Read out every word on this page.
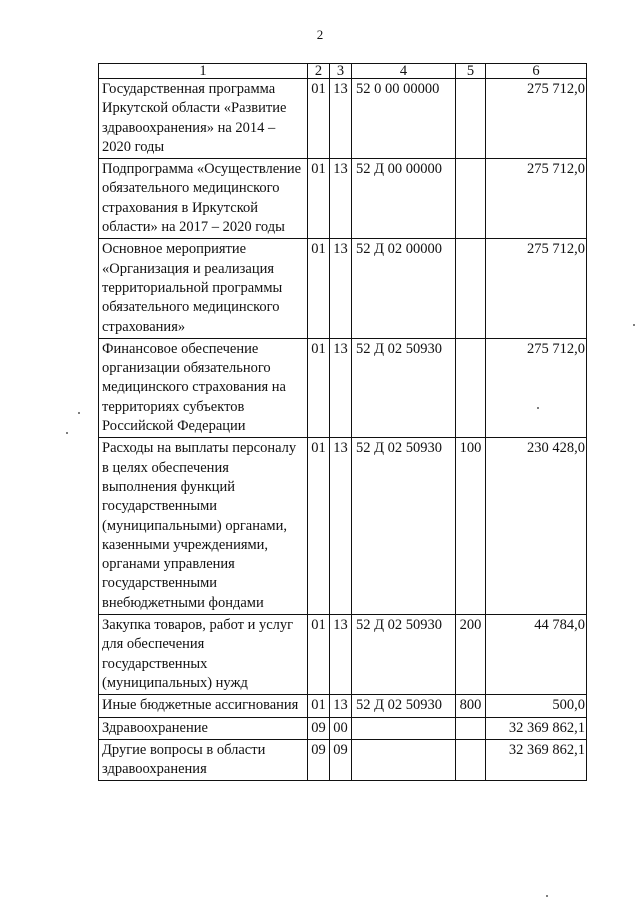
2
1	2	3	4	5	6
Государственная программа Иркутской области «Развитие здравоохранения» на 2014 – 2020 годы	01	13	52 0 00 00000		275 712,0
Подпрограмма «Осуществление обязательного медицинского страхования в Иркутской области» на 2017 – 2020 годы	01	13	52 Д 00 00000		275 712,0
Основное мероприятие «Организация и реализация территориальной программы обязательного медицинского страхования»	01	13	52 Д 02 00000		275 712,0
Финансовое обеспечение организации обязательного медицинского страхования на территориях субъектов Российской Федерации	01	13	52 Д 02 50930		275 712,0
Расходы на выплаты персоналу в целях обеспечения выполнения функций государственными (муниципальными) органами, казенными учреждениями, органами управления государственными внебюджетными фондами	01	13	52 Д 02 50930	100	230 428,0
Закупка товаров, работ и услуг для обеспечения государственных (муниципальных) нужд	01	13	52 Д 02 50930	200	44 784,0
Иные бюджетные ассигнования	01	13	52 Д 02 50930	800	500,0
Здравоохранение	09	00			32 369 862,1
Другие вопросы в области здравоохранения	09	09			32 369 862,1
